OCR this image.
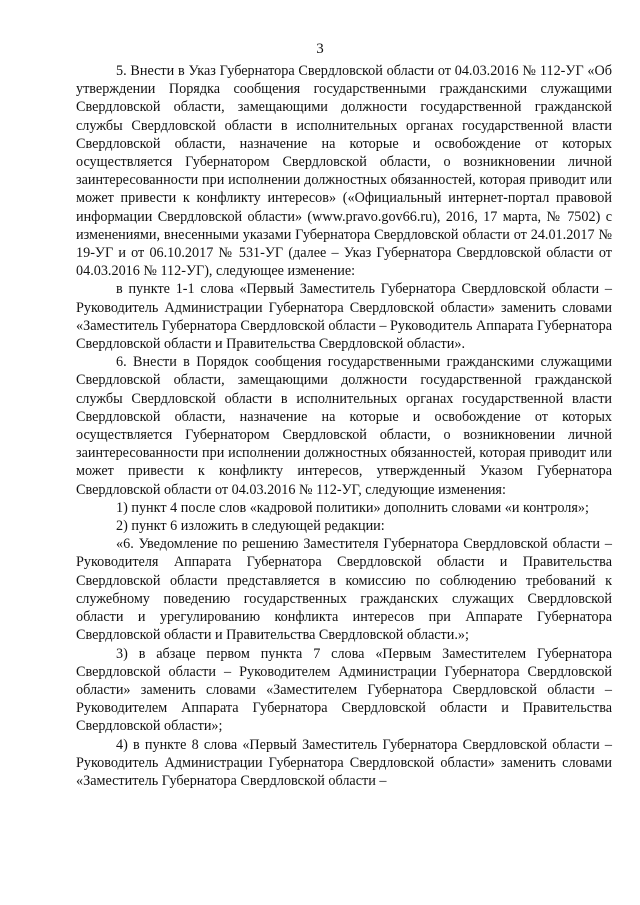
3

5. Внести в Указ Губернатора Свердловской области от 04.03.2016 № 112-УГ «Об утверждении Порядка сообщения государственными гражданскими служащими Свердловской области, замещающими должности государственной гражданской службы Свердловской области в исполнительных органах государственной власти Свердловской области, назначение на которые и освобождение от которых осуществляется Губернатором Свердловской области, о возникновении личной заинтересованности при исполнении должностных обязанностей, которая приводит или может привести к конфликту интересов» («Официальный интернет-портал правовой информации Свердловской области» (www.pravo.gov66.ru), 2016, 17 марта, № 7502) с изменениями, внесенными указами Губернатора Свердловской области от 24.01.2017 № 19-УГ и от 06.10.2017 № 531-УГ (далее – Указ Губернатора Свердловской области от 04.03.2016 № 112-УГ), следующее изменение:

в пункте 1-1 слова «Первый Заместитель Губернатора Свердловской области – Руководитель Администрации Губернатора Свердловской области» заменить словами «Заместитель Губернатора Свердловской области – Руководитель Аппарата Губернатора Свердловской области и Правительства Свердловской области».

6. Внести в Порядок сообщения государственными гражданскими служащими Свердловской области, замещающими должности государственной гражданской службы Свердловской области в исполнительных органах государственной власти Свердловской области, назначение на которые и освобождение от которых осуществляется Губернатором Свердловской области, о возникновении личной заинтересованности при исполнении должностных обязанностей, которая приводит или может привести к конфликту интересов, утвержденный Указом Губернатора Свердловской области от 04.03.2016 № 112-УГ, следующие изменения:

1) пункт 4 после слов «кадровой политики» дополнить словами «и контроля»;

2) пункт 6 изложить в следующей редакции:

«6. Уведомление по решению Заместителя Губернатора Свердловской области – Руководителя Аппарата Губернатора Свердловской области и Правительства Свердловской области представляется в комиссию по соблюдению требований к служебному поведению государственных гражданских служащих Свердловской области и урегулированию конфликта интересов при Аппарате Губернатора Свердловской области и Правительства Свердловской области.»;

3) в абзаце первом пункта 7 слова «Первым Заместителем Губернатора Свердловской области – Руководителем Администрации Губернатора Свердловской области» заменить словами «Заместителем Губернатора Свердловской области – Руководителем Аппарата Губернатора Свердловской области и Правительства Свердловской области»;

4) в пункте 8 слова «Первый Заместитель Губернатора Свердловской области – Руководитель Администрации Губернатора Свердловской области» заменить словами «Заместитель Губернатора Свердловской области –
